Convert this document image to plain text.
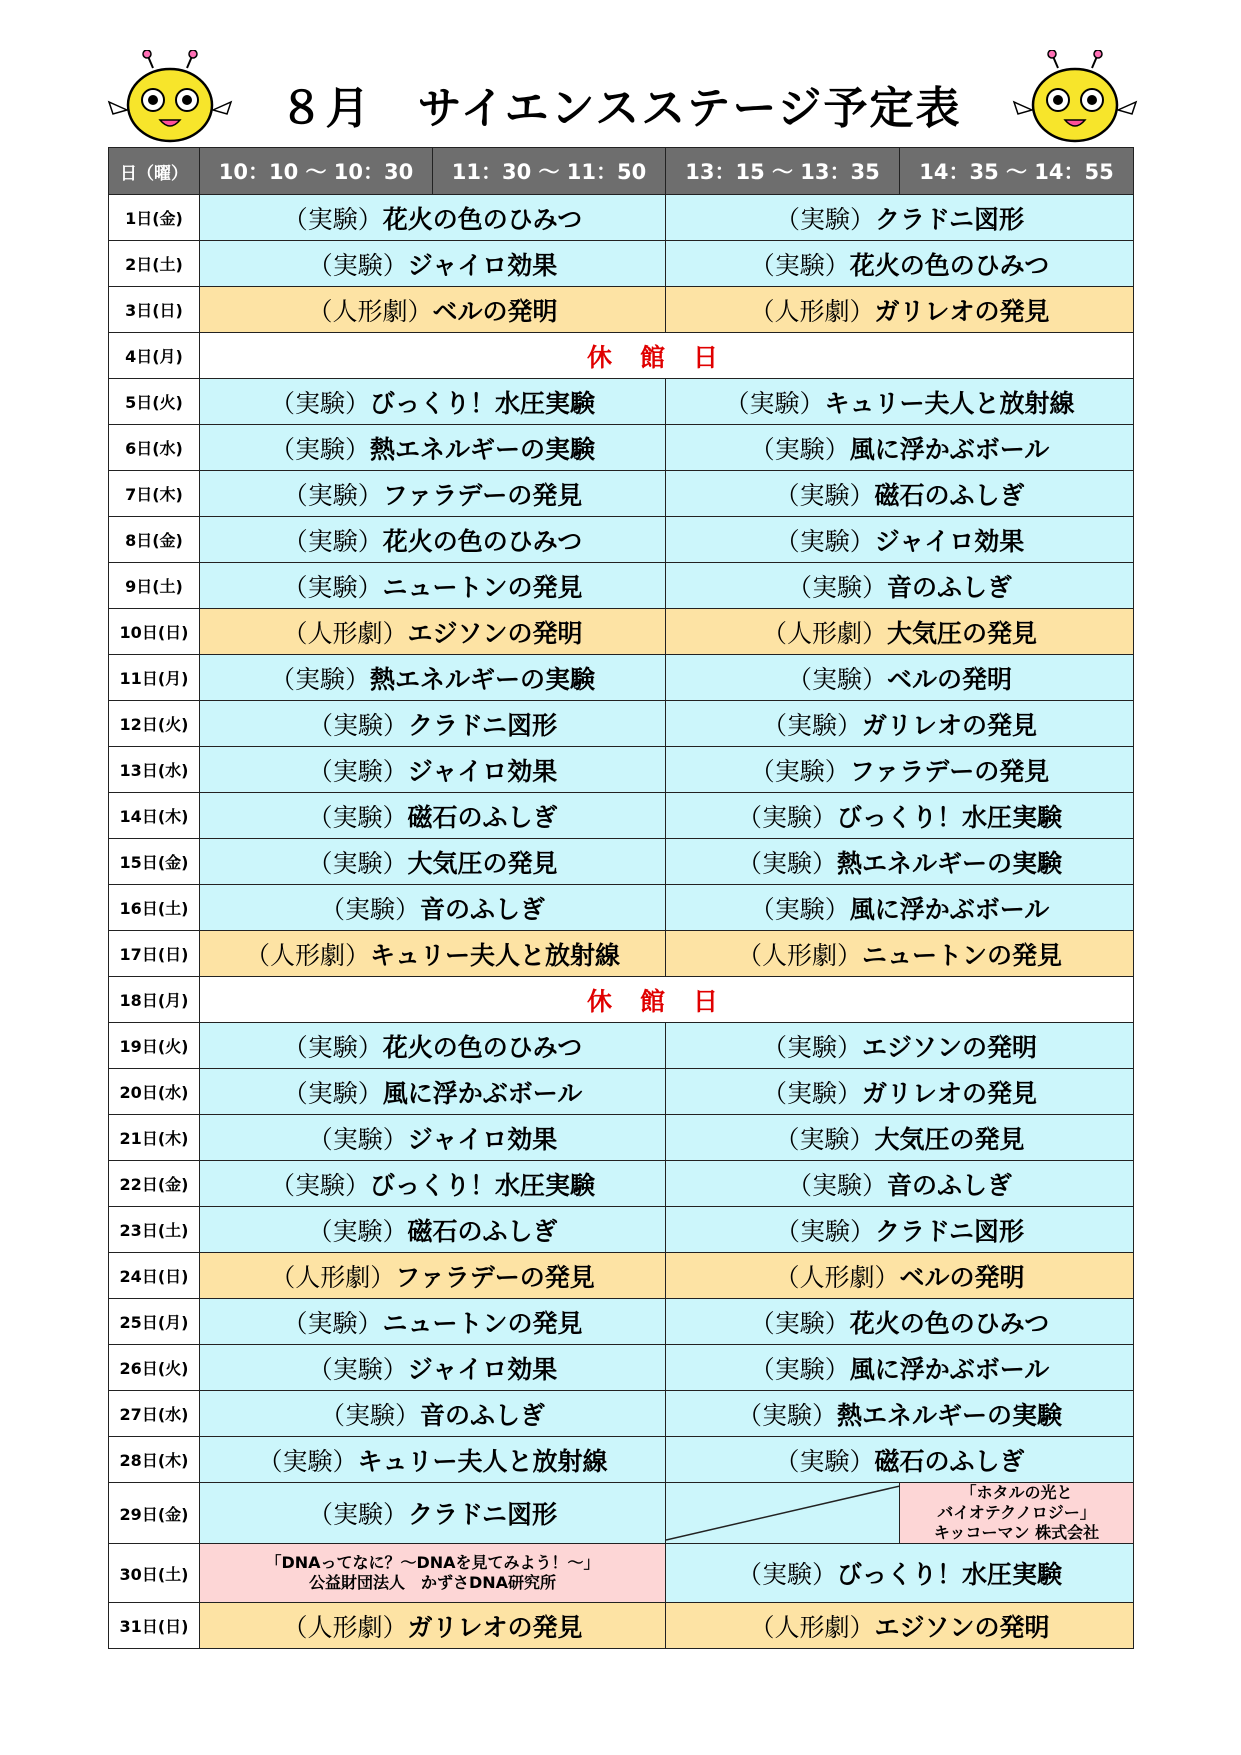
８月　サイエンスステージ予定表
日（曜）	10：10 〜 10：30	11：30 〜 11：50	13：15 〜 13：35	14：35 〜 14：55
1日(金)	（実験）花火の色のひみつ		（実験）クラドニ図形	
2日(土)	（実験）ジャイロ効果		（実験）花火の色のひみつ	
3日(日)	（人形劇）ベルの発明		（人形劇）ガリレオの発見	
4日(月)	休館日			
5日(火)	（実験）びっくり！水圧実験		（実験）キュリー夫人と放射線	
6日(水)	（実験）熱エネルギーの実験		（実験）風に浮かぶボール	
7日(木)	（実験）ファラデーの発見		（実験）磁石のふしぎ	
8日(金)	（実験）花火の色のひみつ		（実験）ジャイロ効果	
9日(土)	（実験）ニュートンの発見		（実験）音のふしぎ	
10日(日)	（人形劇）エジソンの発明		（人形劇）大気圧の発見	
11日(月)	（実験）熱エネルギーの実験		（実験）ベルの発明	
12日(火)	（実験）クラドニ図形		（実験）ガリレオの発見	
13日(水)	（実験）ジャイロ効果		（実験）ファラデーの発見	
14日(木)	（実験）磁石のふしぎ		（実験）びっくり！水圧実験	
15日(金)	（実験）大気圧の発見		（実験）熱エネルギーの実験	
16日(土)	（実験）音のふしぎ		（実験）風に浮かぶボール	
17日(日)	（人形劇）キュリー夫人と放射線		（人形劇）ニュートンの発見	
18日(月)	休館日			
19日(火)	（実験）花火の色のひみつ		（実験）エジソンの発明	
20日(水)	（実験）風に浮かぶボール		（実験）ガリレオの発見	
21日(木)	（実験）ジャイロ効果		（実験）大気圧の発見	
22日(金)	（実験）びっくり！水圧実験		（実験）音のふしぎ	
23日(土)	（実験）磁石のふしぎ		（実験）クラドニ図形	
24日(日)	（人形劇）ファラデーの発見		（人形劇）ベルの発明	
25日(月)	（実験）ニュートンの発見		（実験）花火の色のひみつ	
26日(火)	（実験）ジャイロ効果		（実験）風に浮かぶボール	
27日(水)	（実験）音のふしぎ		（実験）熱エネルギーの実験	
28日(木)	（実験）キュリー夫人と放射線		（実験）磁石のふしぎ	
29日(金)	（実験）クラドニ図形			「ホタルの光と
バイオテクノロジー」
キッコーマン 株式会社

30日(土)	「DNAってなに？〜DNAを見てみよう！〜」
公益財団法人　かずさDNA研究所		（実験）びっくり！水圧実験	
31日(日)	（人形劇）ガリレオの発見		（人形劇）エジソンの発明	
